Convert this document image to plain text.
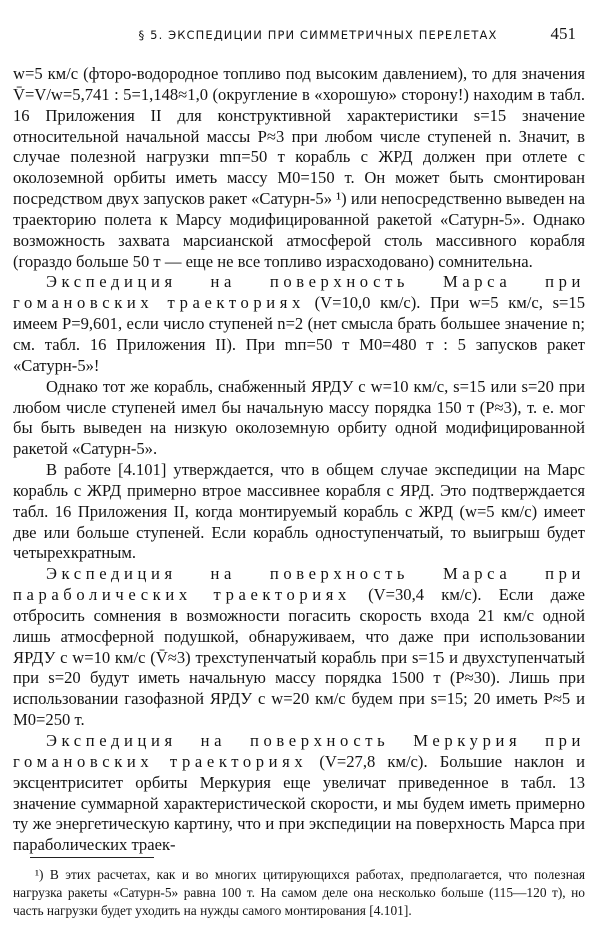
§ 5. ЭКСПЕДИЦИИ ПРИ СИММЕТРИЧНЫХ ПЕРЕЛЕТАХ	451

w=5 км/с (фторо-водородное топливо под высоким давлением), то для значения V̄=V/w=5,741 : 5=1,148≈1,0 (округление в «хорошую» сторону!) находим в табл. 16 Приложения II для конструктивной характеристики s=15 значение относительной начальной массы P≈3 при любом числе ступеней n. Значит, в случае полезной нагрузки mп=50 т корабль с ЖРД должен при отлете с околоземной орбиты иметь массу M0=150 т. Он может быть смонтирован посредством двух запусков ракет «Сатурн-5» ¹) или непосредственно выведен на траекторию полета к Марсу модифицированной ракетой «Сатурн-5». Однако возможность захвата марсианской атмосферой столь массивного корабля (гораздо больше 50 т — еще не все топливо израсходовано) сомнительна.

Экспедиция на поверхность Марса при гомановских траекториях (V=10,0 км/с). При w=5 км/с, s=15 имеем P=9,601, если число ступеней n=2 (нет смысла брать большее значение n; см. табл. 16 Приложения II). При mп=50 т M0=480 т : 5 запусков ракет «Сатурн-5»!

Однако тот же корабль, снабженный ЯРДУ с w=10 км/с, s=15 или s=20 при любом числе ступеней имел бы начальную массу порядка 150 т (P≈3), т. е. мог бы быть выведен на низкую околоземную орбиту одной модифицированной ракетой «Сатурн-5».

В работе [4.101] утверждается, что в общем случае экспедиции на Марс корабль с ЖРД примерно втрое массивнее корабля с ЯРД. Это подтверждается табл. 16 Приложения II, когда монтируемый корабль с ЖРД (w=5 км/с) имеет две или больше ступеней. Если корабль одноступенчатый, то выигрыш будет четырехкратным.

Экспедиция на поверхность Марса при параболических траекториях (V=30,4 км/с). Если даже отбросить сомнения в возможности погасить скорость входа 21 км/с одной лишь атмосферной подушкой, обнаруживаем, что даже при использовании ЯРДУ с w=10 км/с (V̄≈3) трехступенчатый корабль при s=15 и двухступенчатый при s=20 будут иметь начальную массу порядка 1500 т (P≈30). Лишь при использовании газофазной ЯРДУ с w=20 км/с будем при s=15; 20 иметь P≈5 и M0=250 т.

Экспедиция на поверхность Меркурия при гомановских траекториях (V=27,8 км/с). Большие наклон и эксцентриситет орбиты Меркурия еще увеличат приведенное в табл. 13 значение суммарной характеристической скорости, и мы будем иметь примерно ту же энергетическую картину, что и при экспедиции на поверхность Марса при параболических траек-

¹) В этих расчетах, как и во многих цитирующихся работах, предполагается, что полезная нагрузка ракеты «Сатурн-5» равна 100 т. На самом деле она несколько больше (115—120 т), но часть нагрузки будет уходить на нужды самого монтирования [4.101].
